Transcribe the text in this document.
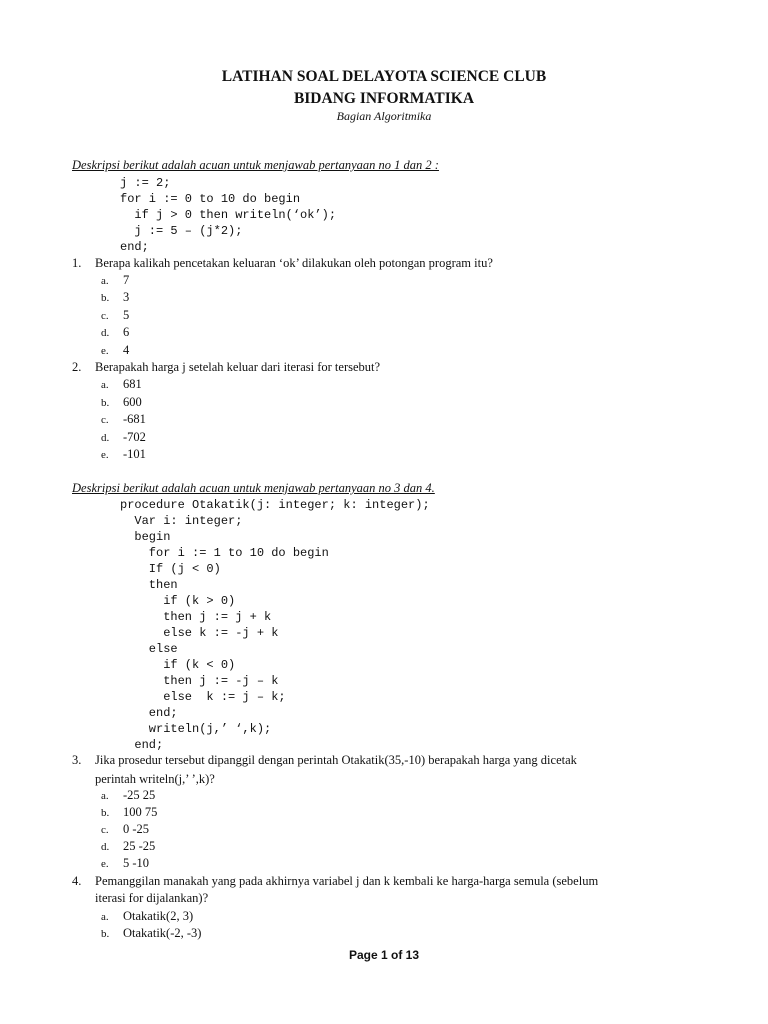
LATIHAN SOAL DELAYOTA SCIENCE CLUB
BIDANG INFORMATIKA
Bagian Algoritmika
Deskripsi berikut adalah acuan untuk menjawab pertanyaan no 1 dan 2 :
j := 2;
for i := 0 to 10 do begin
if j > 0 then writeln(‘ok’);
j := 5 – (j*2);
end;
1. Berapa kalikah pencetakan keluaran ‘ok’ dilakukan oleh potongan program itu?
a. 7
b. 3
c. 5
d. 6
e. 4
2. Berapakah harga j setelah keluar dari iterasi for tersebut?
a. 681
b. 600
c. -681
d. -702
e. -101
Deskripsi berikut adalah acuan untuk menjawab pertanyaan no 3 dan 4.
procedure Otakatik(j: integer; k: integer);
Var i: integer;
begin
for i := 1 to 10 do begin
If (j < 0)
then
if (k > 0)
then j := j + k
else k := -j + k
else
if (k < 0)
then j := -j – k
else  k := j – k;
end;
writeln(j,’ ‘,k);
end;
3. Jika prosedur tersebut dipanggil dengan perintah Otakatik(35,-10) berapakah harga yang dicetak
perintah writeln(j,’ ’,k)?
a. -25 25
b. 100 75
c. 0 -25
d. 25 -25
e. 5 -10
4. Pemanggilan manakah yang pada akhirnya variabel j dan k kembali ke harga-harga semula (sebelum
iterasi for dijalankan)?
a. Otakatik(2, 3)
b. Otakatik(-2, -3)
Page 1 of 13
